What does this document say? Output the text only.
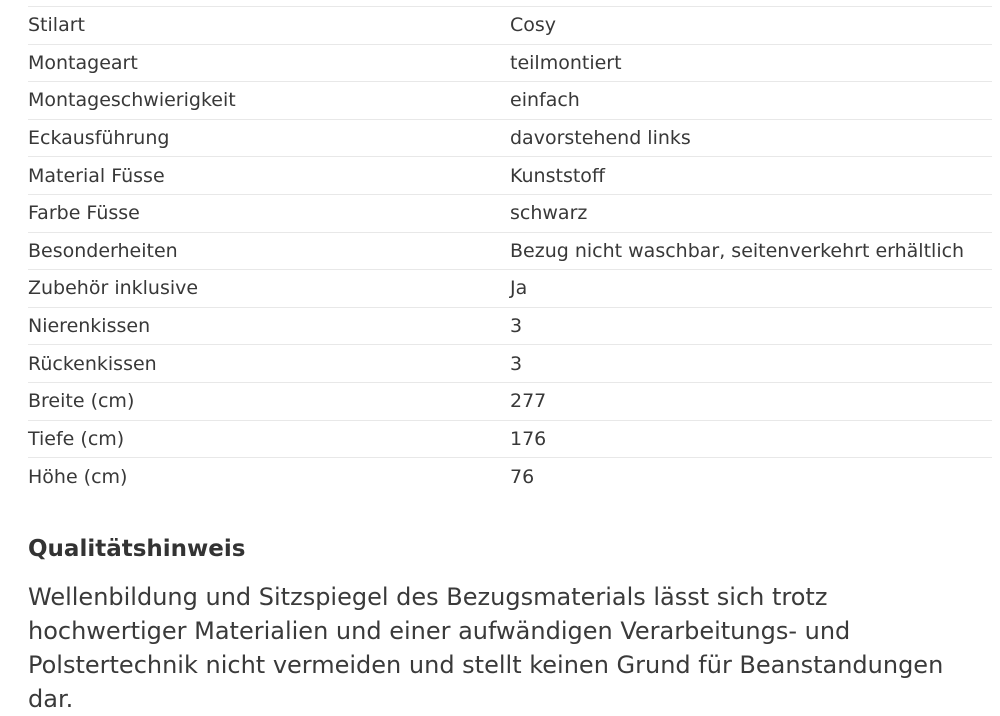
Stilart	Cosy
Montageart	teilmontiert
Montageschwierigkeit	einfach
Eckausführung	davorstehend links
Material Füsse	Kunststoff
Farbe Füsse	schwarz
Besonderheiten	Bezug nicht waschbar, seitenverkehrt erhältlich
Zubehör inklusive	Ja
Nierenkissen	3
Rückenkissen	3
Breite (cm)	277
Tiefe (cm)	176
Höhe (cm)	76
Qualitätshinweis

Wellenbildung und Sitzspiegel des Bezugsmaterials lässt sich trotz hochwertiger Materialien und einer aufwändigen Verarbeitungs- und Polstertechnik nicht vermeiden und stellt keinen Grund für Beanstandungen dar.
